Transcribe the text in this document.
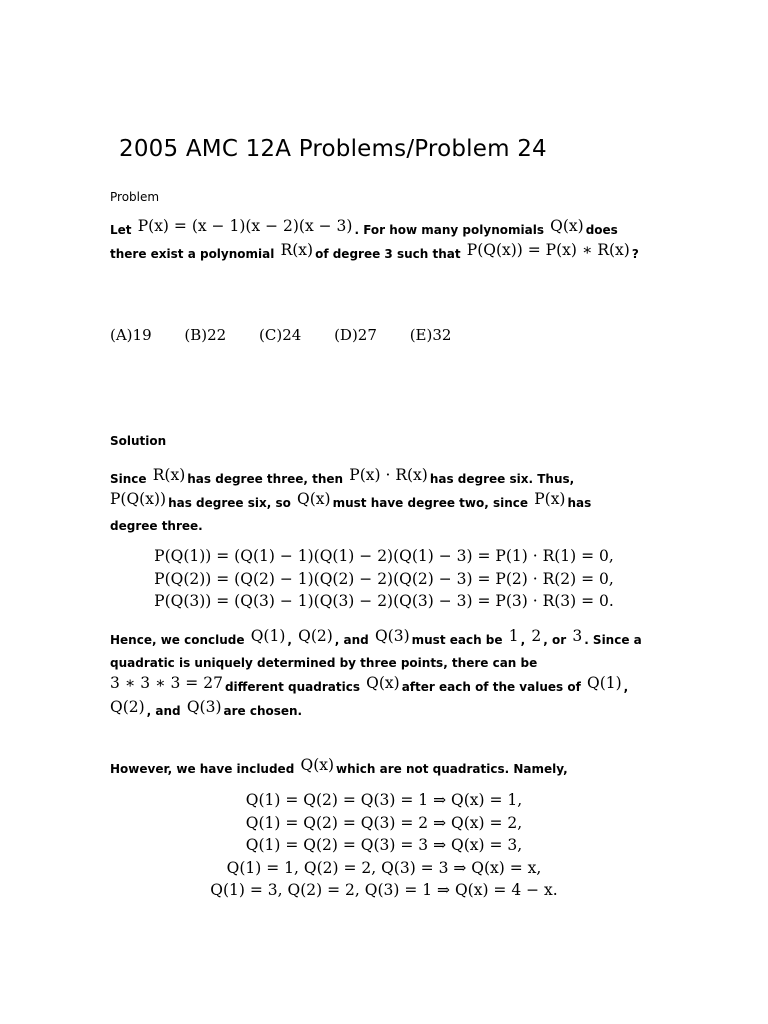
2005 AMC 12A Problems/Problem 24
Problem
Let P(x) = (x − 1)(x − 2)(x − 3) . For how many polynomials Q(x) does
there exist a polynomial R(x) of degree 3 such that P(Q(x)) = P(x) ∗ R(x) ?
(A)19 (B)22 (C)24 (D)27 (E)32
Solution
Since R(x) has degree three, then P(x) · R(x) has degree six. Thus,
P(Q(x)) has degree six, so Q(x) must have degree two, since P(x) has
degree three.
P(Q(1)) = (Q(1) − 1)(Q(1) − 2)(Q(1) − 3) = P(1) · R(1) = 0,
P(Q(2)) = (Q(2) − 1)(Q(2) − 2)(Q(2) − 3) = P(2) · R(2) = 0,
P(Q(3)) = (Q(3) − 1)(Q(3) − 2)(Q(3) − 3) = P(3) · R(3) = 0.
Hence, we conclude Q(1) , Q(2) , and Q(3) must each be 1 , 2 , or 3 . Since a
quadratic is uniquely determined by three points, there can be
3 ∗ 3 ∗ 3 = 27 different quadratics Q(x) after each of the values of Q(1) ,
Q(2) , and Q(3) are chosen.
However, we have included Q(x) which are not quadratics. Namely,
Q(1) = Q(2) = Q(3) = 1 ⇒ Q(x) = 1,
Q(1) = Q(2) = Q(3) = 2 ⇒ Q(x) = 2,
Q(1) = Q(2) = Q(3) = 3 ⇒ Q(x) = 3,
Q(1) = 1, Q(2) = 2, Q(3) = 3 ⇒ Q(x) = x,
Q(1) = 3, Q(2) = 2, Q(3) = 1 ⇒ Q(x) = 4 − x.
